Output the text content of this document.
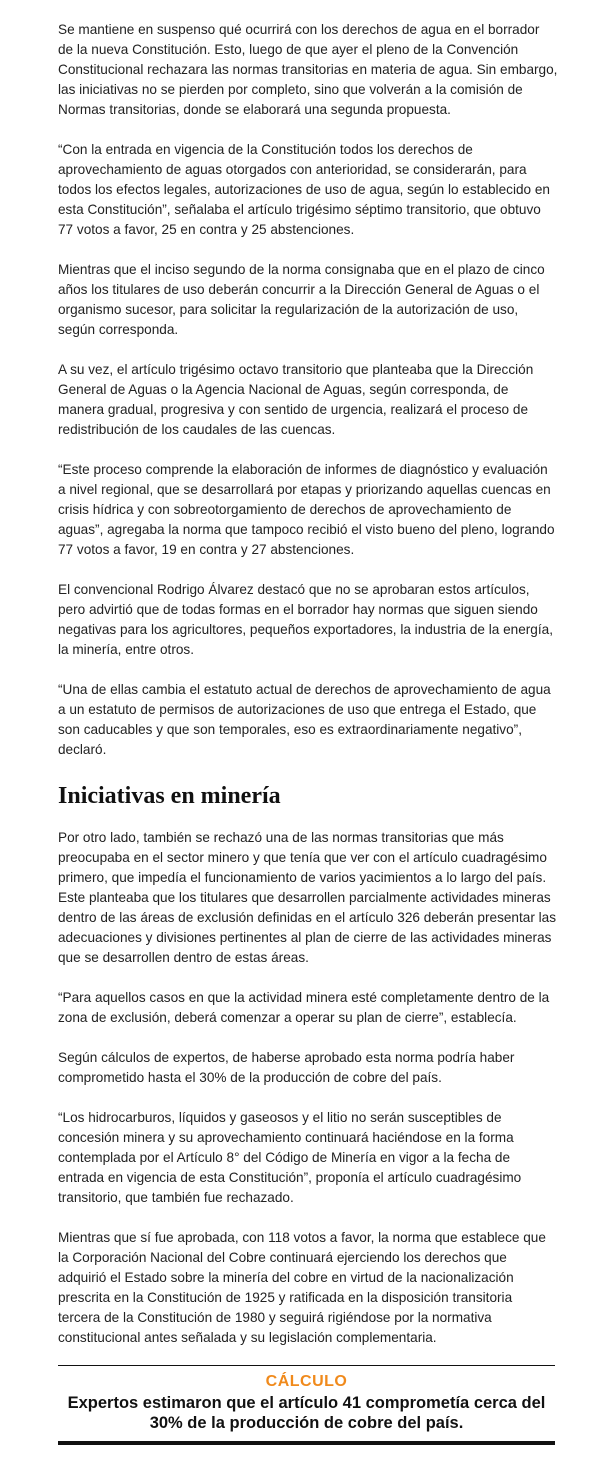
Se mantiene en suspenso qué ocurrirá con los derechos de agua en el borrador de la nueva Constitución. Esto, luego de que ayer el pleno de la Convención Constitucional rechazara las normas transitorias en materia de agua. Sin embargo, las iniciativas no se pierden por completo, sino que volverán a la comisión de Normas transitorias, donde se elaborará una segunda propuesta.

“Con la entrada en vigencia de la Constitución todos los derechos de aprovechamiento de aguas otorgados con anterioridad, se considerarán, para todos los efectos legales, autorizaciones de uso de agua, según lo establecido en esta Constitución”, señalaba el artículo trigésimo séptimo transitorio, que obtuvo 77 votos a favor, 25 en contra y 25 abstenciones.

Mientras que el inciso segundo de la norma consignaba que en el plazo de cinco años los titulares de uso deberán concurrir a la Dirección General de Aguas o el organismo sucesor, para solicitar la regularización de la autorización de uso, según corresponda.

A su vez, el artículo trigésimo octavo transitorio que planteaba que la Dirección General de Aguas o la Agencia Nacional de Aguas, según corresponda, de manera gradual, progresiva y con sentido de urgencia, realizará el proceso de redistribución de los caudales de las cuencas.

“Este proceso comprende la elaboración de informes de diagnóstico y evaluación a nivel regional, que se desarrollará por etapas y priorizando aquellas cuencas en crisis hídrica y con sobreotorgamiento de derechos de aprovechamiento de aguas”, agregaba la norma que tampoco recibió el visto bueno del pleno, logrando 77 votos a favor, 19 en contra y 27 abstenciones.

El convencional Rodrigo Álvarez destacó que no se aprobaran estos artículos, pero advirtió que de todas formas en el borrador hay normas que siguen siendo negativas para los agricultores, pequeños exportadores, la industria de la energía, la minería, entre otros.

“Una de ellas cambia el estatuto actual de derechos de aprovechamiento de agua a un estatuto de permisos de autorizaciones de uso que entrega el Estado, que son caducables y que son temporales, eso es extraordinariamente negativo”, declaró.

Iniciativas en minería

Por otro lado, también se rechazó una de las normas transitorias que más preocupaba en el sector minero y que tenía que ver con el artículo cuadragésimo primero, que impedía el funcionamiento de varios yacimientos a lo largo del país. Este planteaba que los titulares que desarrollen parcialmente actividades mineras dentro de las áreas de exclusión definidas en el artículo 326 deberán presentar las adecuaciones y divisiones pertinentes al plan de cierre de las actividades mineras que se desarrollen dentro de estas áreas.

“Para aquellos casos en que la actividad minera esté completamente dentro de la zona de exclusión, deberá comenzar a operar su plan de cierre”, establecía.

Según cálculos de expertos, de haberse aprobado esta norma podría haber comprometido hasta el 30% de la producción de cobre del país.

“Los hidrocarburos, líquidos y gaseosos y el litio no serán susceptibles de concesión minera y su aprovechamiento continuará haciéndose en la forma contemplada por el Artículo 8° del Código de Minería en vigor a la fecha de entrada en vigencia de esta Constitución”, proponía el artículo cuadragésimo transitorio, que también fue rechazado.

Mientras que sí fue aprobada, con 118 votos a favor, la norma que establece que la Corporación Nacional del Cobre continuará ejerciendo los derechos que adquirió el Estado sobre la minería del cobre en virtud de la nacionalización prescrita en la Constitución de 1925 y ratificada en la disposición transitoria tercera de la Constitución de 1980 y seguirá rigiéndose por la normativa constitucional antes señalada y su legislación complementaria.

CÁLCULO
Expertos estimaron que el artículo 41 comprometía cerca del 30% de la producción de cobre del país.
